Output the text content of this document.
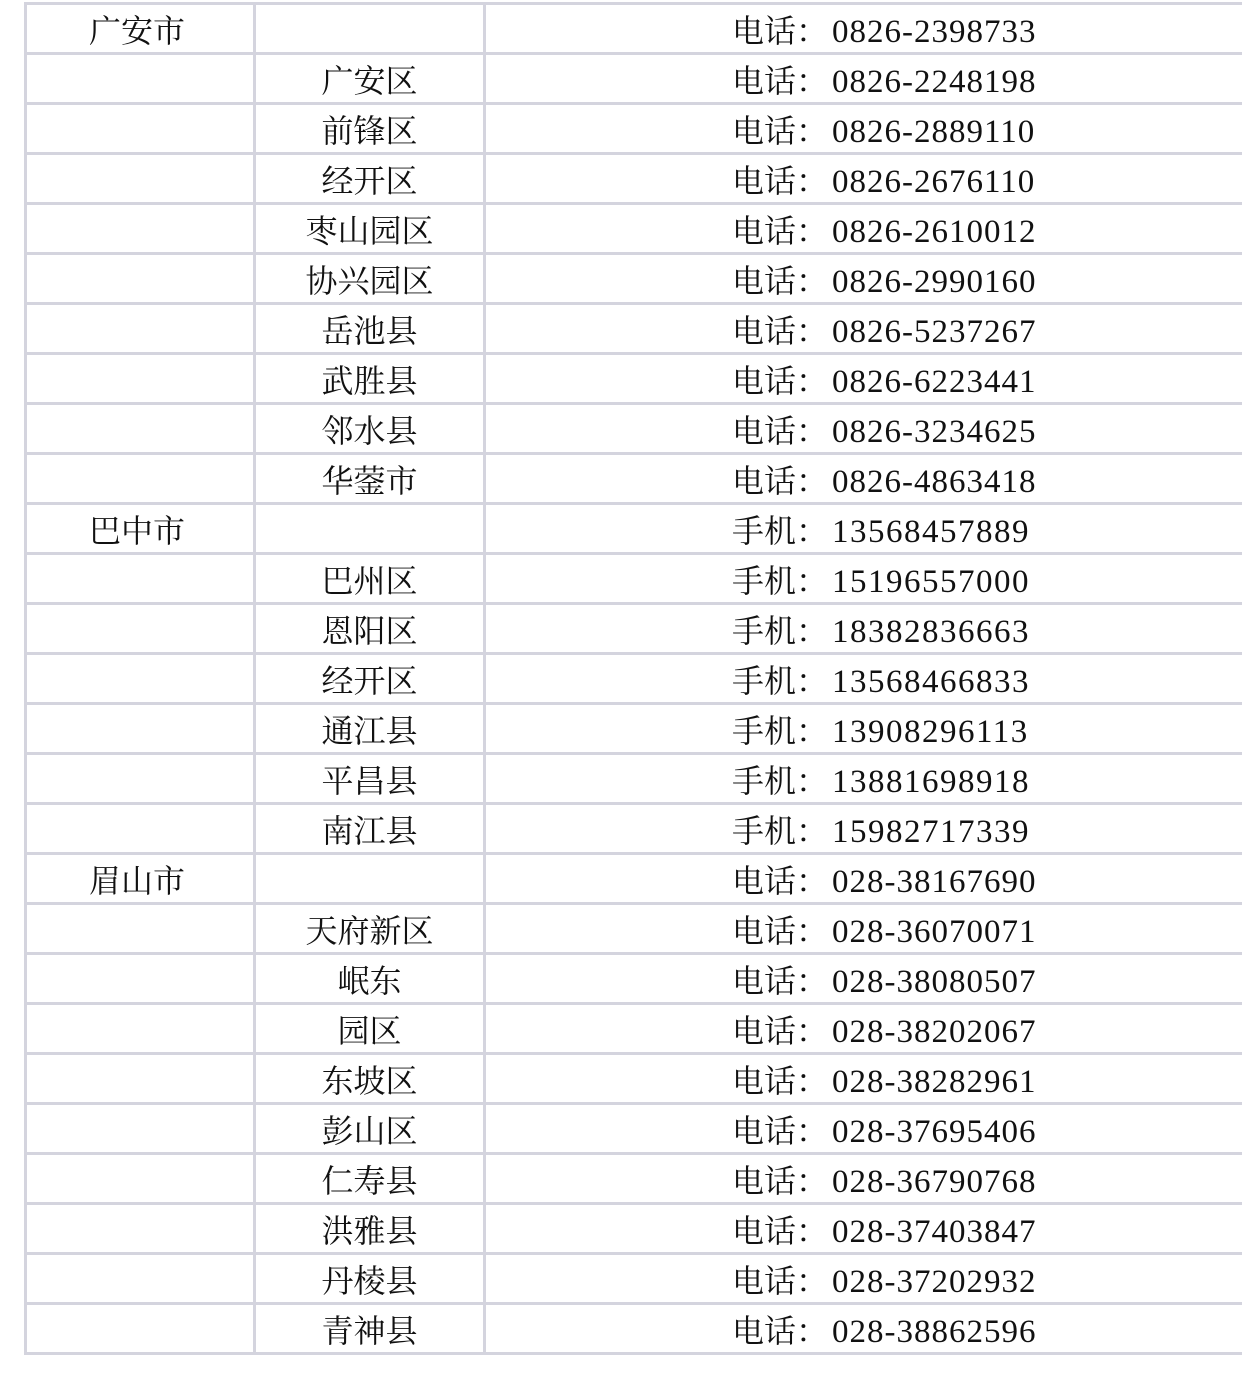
广安市		电话： 0826-2398733
	广安区	电话： 0826-2248198
	前锋区	电话： 0826-2889110
	经开区	电话： 0826-2676110
	枣山园区	电话： 0826-2610012
	协兴园区	电话： 0826-2990160
	岳池县	电话： 0826-5237267
	武胜县	电话： 0826-6223441
	邻水县	电话： 0826-3234625
	华蓥市	电话： 0826-4863418
巴中市		手机： 13568457889
	巴州区	手机： 15196557000
	恩阳区	手机： 18382836663
	经开区	手机： 13568466833
	通江县	手机： 13908296113
	平昌县	手机： 13881698918
	南江县	手机： 15982717339
眉山市		电话： 028-38167690
	天府新区	电话： 028-36070071
	岷东	电话： 028-38080507
	园区	电话： 028-38202067
	东坡区	电话： 028-38282961
	彭山区	电话： 028-37695406
	仁寿县	电话： 028-36790768
	洪雅县	电话： 028-37403847
	丹棱县	电话： 028-37202932
	青神县	电话： 028-38862596
